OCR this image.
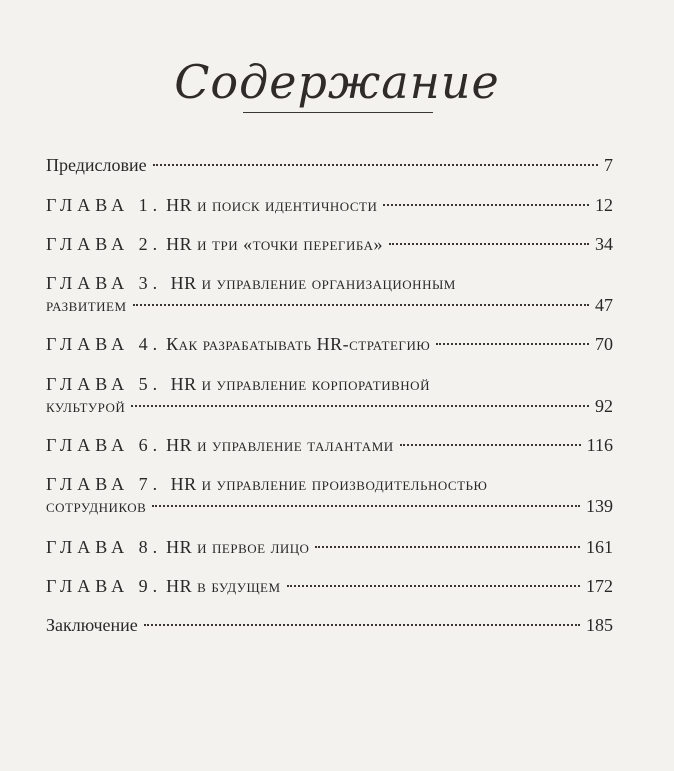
Содержание
Предисловие	7
ГЛАВА 1. HR и поиск идентичности	12
ГЛАВА 2. HR и три «точки перегиба»	34
ГЛАВА 3. HR и управление организационным
развитием	47
ГЛАВА 4. Как разрабатывать HR-стратегию	70
ГЛАВА 5. HR и управление корпоративной
культурой	92
ГЛАВА 6. HR и управление талантами	116
ГЛАВА 7. HR и управление производительностью
сотрудников	139
ГЛАВА 8. HR и первое лицо	161
ГЛАВА 9. HR в будущем	172
Заключение	185
